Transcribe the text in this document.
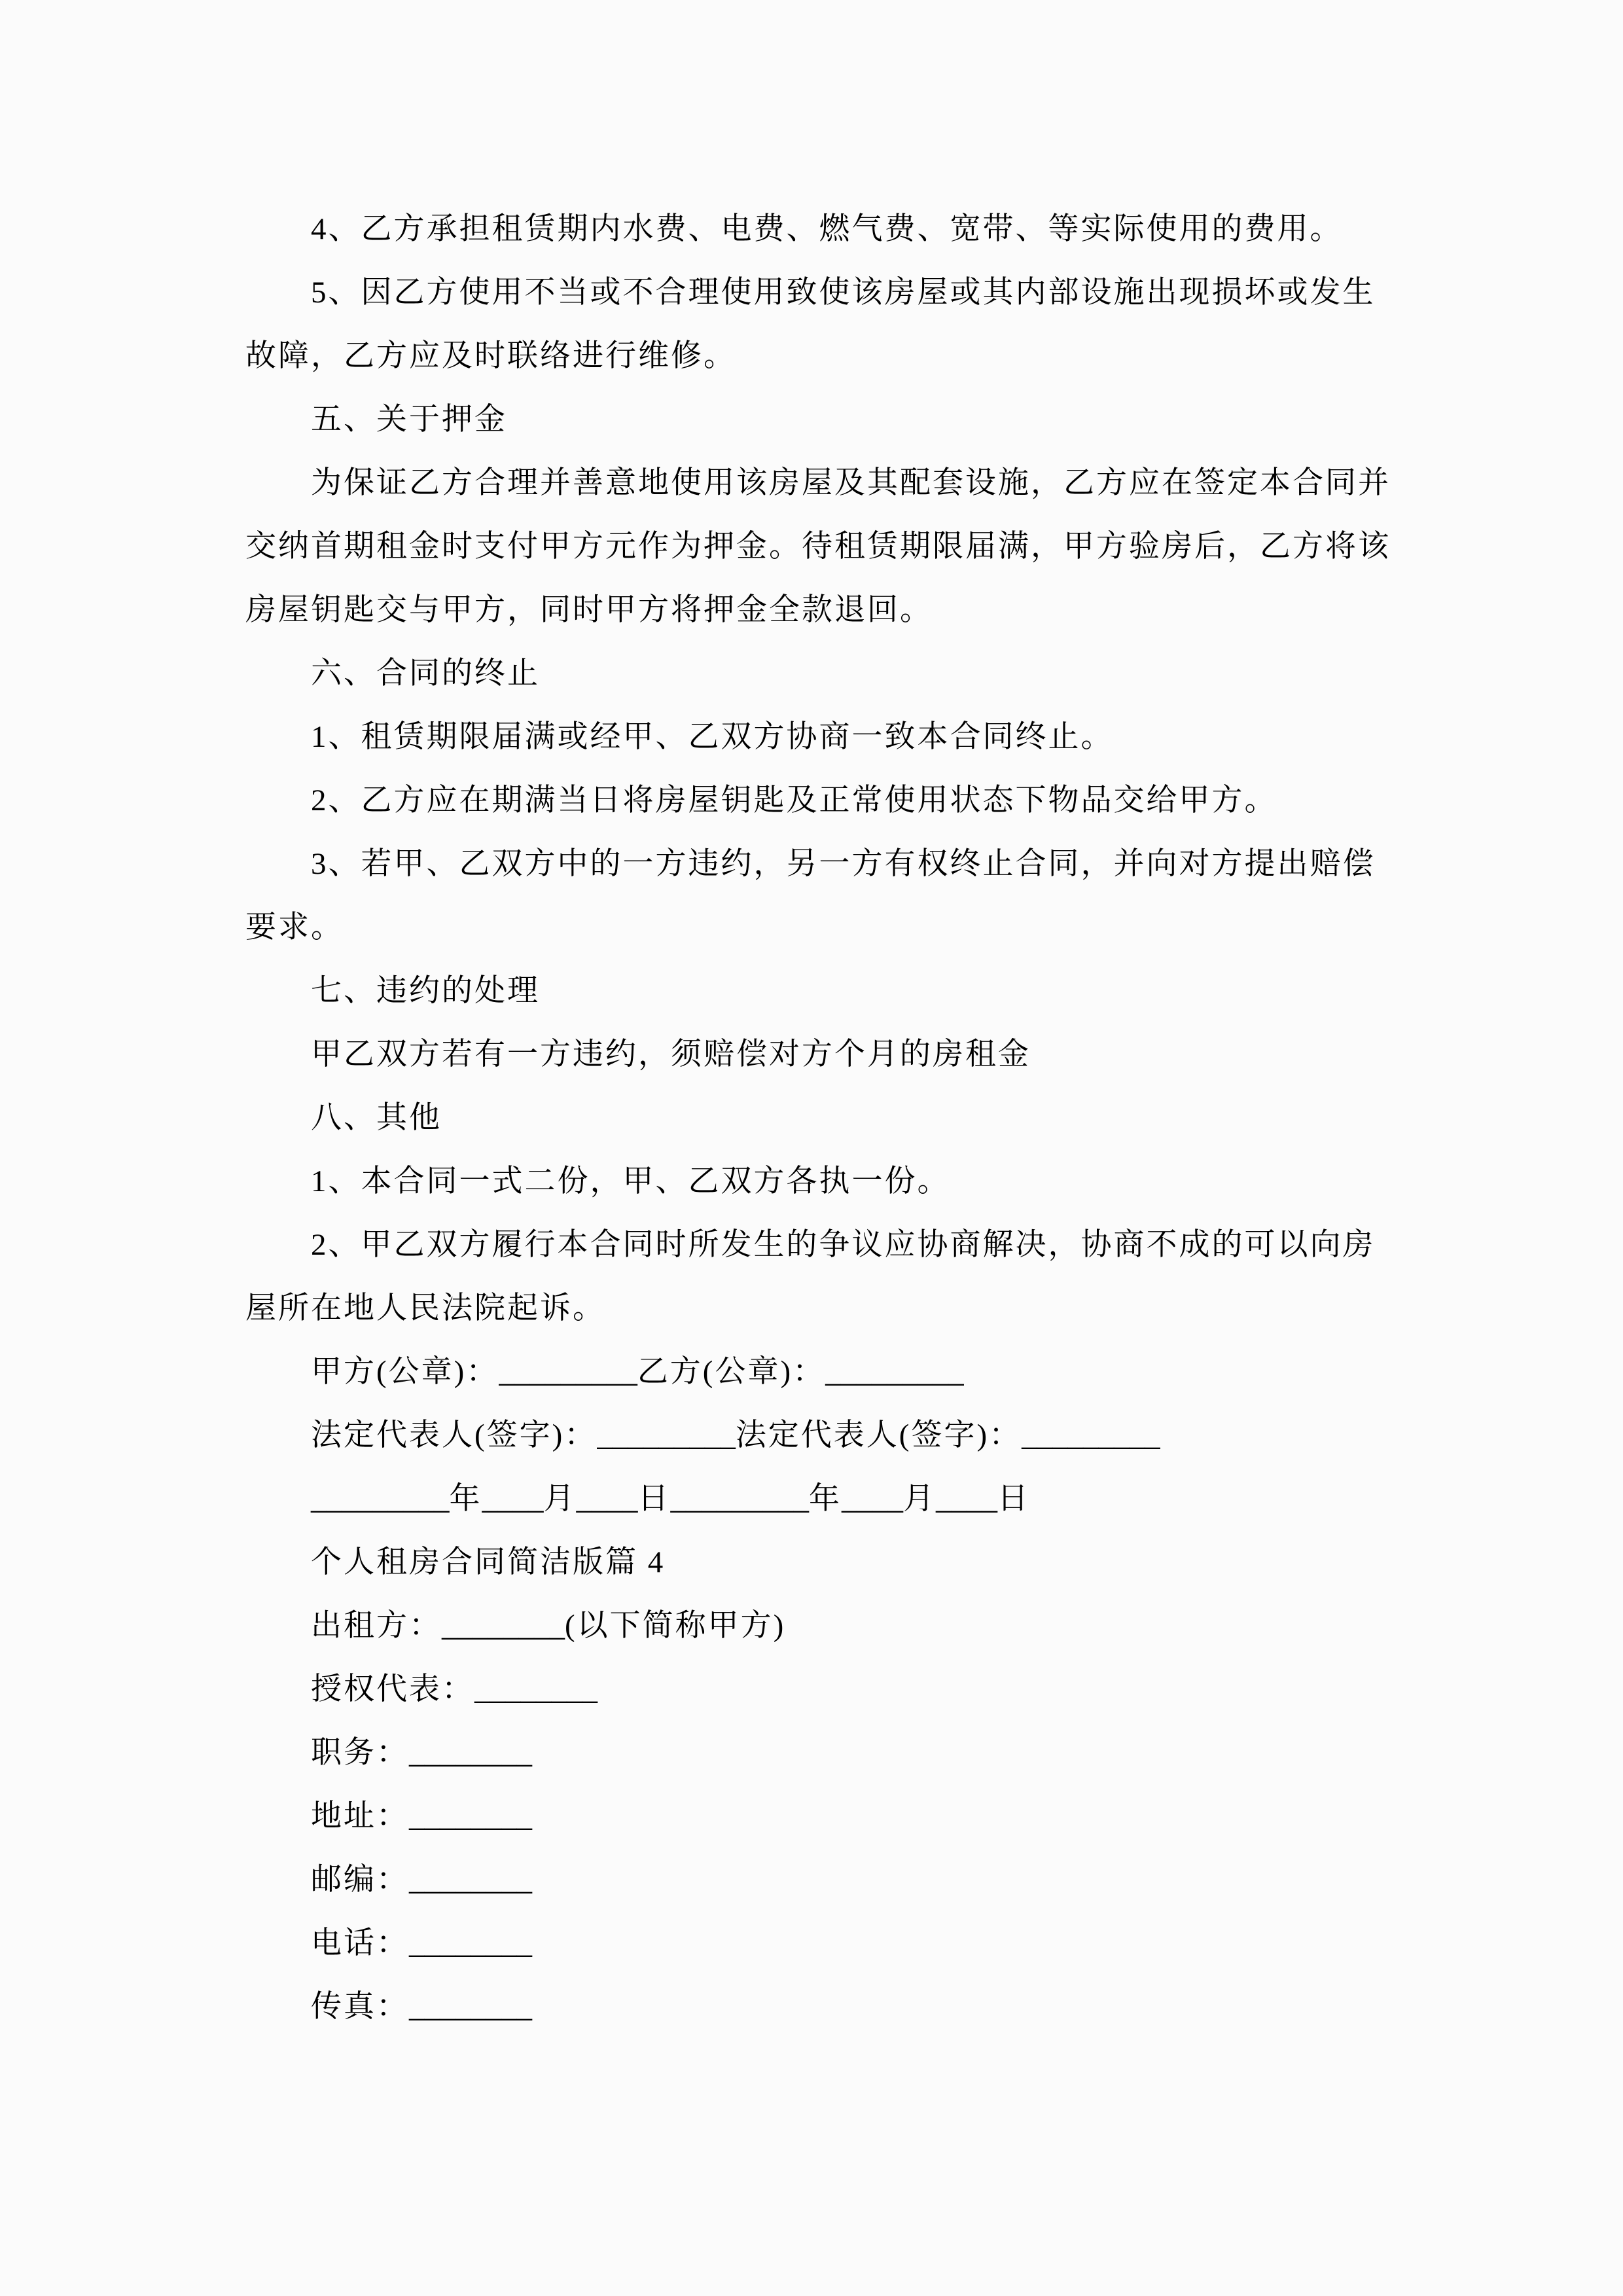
4、乙方承担租赁期内水费、电费、燃气费、宽带、等实际使用的费用。

5、因乙方使用不当或不合理使用致使该房屋或其内部设施出现损坏或发生

故障，乙方应及时联络进行维修。

五、关于押金

为保证乙方合理并善意地使用该房屋及其配套设施，乙方应在签定本合同并

交纳首期租金时支付甲方元作为押金。待租赁期限届满，甲方验房后，乙方将该

房屋钥匙交与甲方，同时甲方将押金全款退回。

六、合同的终止

1、租赁期限届满或经甲、乙双方协商一致本合同终止。

2、乙方应在期满当日将房屋钥匙及正常使用状态下物品交给甲方。

3、若甲、乙双方中的一方违约，另一方有权终止合同，并向对方提出赔偿

要求。

七、违约的处理

甲乙双方若有一方违约，须赔偿对方个月的房租金

八、其他

1、本合同一式二份，甲、乙双方各执一份。

2、甲乙双方履行本合同时所发生的争议应协商解决，协商不成的可以向房

屋所在地人民法院起诉。

甲方(公章)：_________乙方(公章)：_________

法定代表人(签字)：_________法定代表人(签字)：_________

_________年____月____日_________年____月____日

个人租房合同简洁版篇 4

出租方：________(以下简称甲方)

授权代表：________

职务：________

地址：________

邮编：________

电话：________

传真：________
